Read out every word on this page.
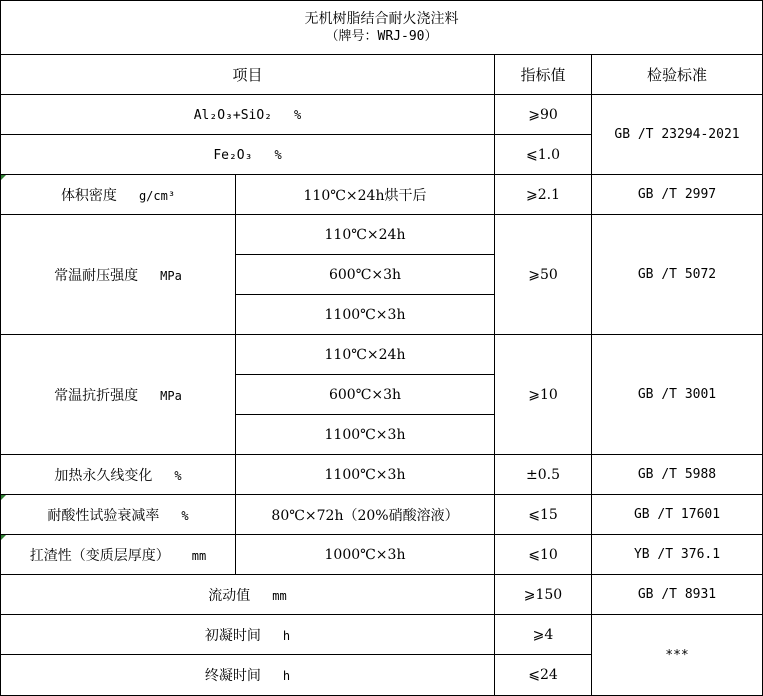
无机树脂结合耐火浇注料
（牌号：WRJ-90）			

项目		指标值	检验标准
Al₂O₃+SiO₂ %		⩾90	GB /T 23294-2021
Fe₂O₃ %		⩽1.0	
体积密度 g/cm³	110℃×24h烘干后	⩾2.1	GB /T 2997
常温耐压强度 MPa	110℃×24h	⩾50	GB /T 5072
	600℃×3h		
	1100℃×3h		
常温抗折强度 MPa	110℃×24h	⩾10	GB /T 3001
	600℃×3h		
	1100℃×3h		
加热永久线变化 %	1100℃×3h	±0.5	GB /T 5988
耐酸性试验衰减率 %	80℃×72h（20%硝酸溶液）	⩽15	GB /T 17601
扛渣性（变质层厚度） mm	1000℃×3h	⩽10	YB /T 376.1
流动值 mm		⩾150	GB /T 8931
初凝时间 h		⩾4	***
终凝时间 h		⩽24	
